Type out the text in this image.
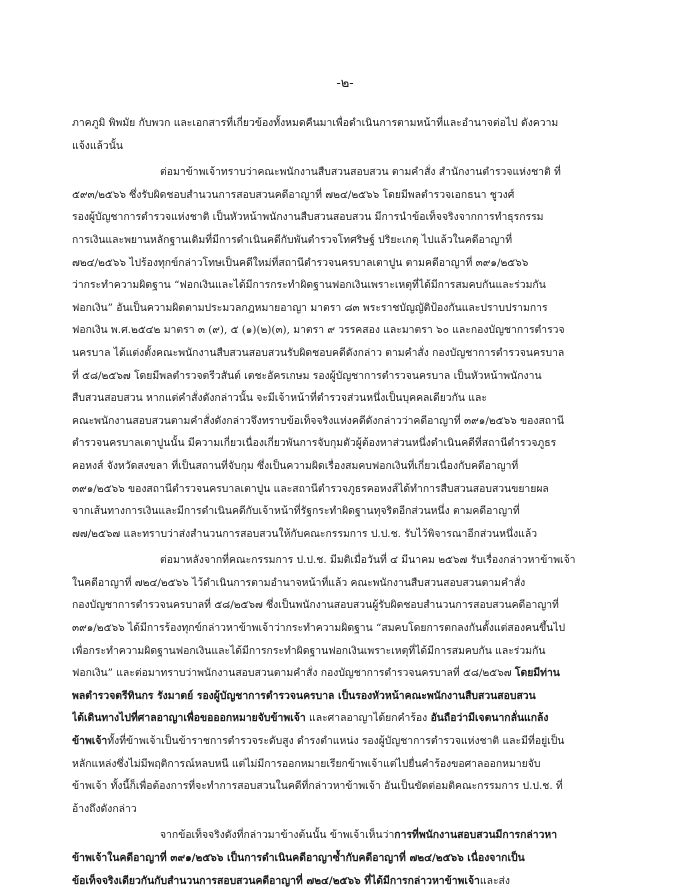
-๒-
ภาคภูมิ พิพมัย กับพวก และเอกสารที่เกี่ยวข้องทั้งหมดคืนมาเพื่อดำเนินการตามหน้าที่และอำนาจต่อไป ดังความ
แจ้งแล้วนั้น
ต่อมาข้าพเจ้าทราบว่าคณะพนักงานสืบสวนสอบสวน ตามคำสั่ง สำนักงานตำรวจแห่งชาติ ที่
๕๙๓/๒๕๖๖ ซึ่งรับผิดชอบสำนวนการสอบสวนคดีอาญาที่ ๗๒๔/๒๕๖๖ โดยมีพลตำรวจเอกธนา ชูวงศ์
รองผู้บัญชาการตำรวจแห่งชาติ เป็นหัวหน้าพนักงานสืบสวนสอบสวน มีการนำข้อเท็จจริงจากการทำธุรกรรม
การเงินและพยานหลักฐานเดิมที่มีการดำเนินคดีกับพันตำรวจโทศริษฐ์ ปริยะเกตุ ไปแล้วในคดีอาญาที่
๗๒๔/๒๕๖๖ ไปร้องทุกข์กล่าวโทษเป็นคดีใหม่ที่สถานีตำรวจนครบาลเตาปูน ตามคดีอาญาที่ ๓๙๑/๒๕๖๖
ว่ากระทำความผิดฐาน “ฟอกเงินและได้มีการกระทำผิดฐานฟอกเงินเพราะเหตุที่ได้มีการสมคบกันและร่วมกัน
ฟอกเงิน” อันเป็นความผิดตามประมวลกฎหมายอาญา มาตรา ๘๓ พระราชบัญญัติป้องกันและปราบปรามการ
ฟอกเงิน พ.ศ.๒๕๔๒ มาตรา ๓ (๙), ๕ (๑)(๒)(๓), มาตรา ๙ วรรคสอง และมาตรา ๖๐ และกองบัญชาการตำรวจ
นครบาล ได้แต่งตั้งคณะพนักงานสืบสวนสอบสวนรับผิดชอบคดีดังกล่าว ตามคำสั่ง กองบัญชาการตำรวจนครบาล
ที่ ๕๘/๒๕๖๗ โดยมีพลตำรวจตรีวสันต์ เตชะอัครเกษม รองผู้บัญชาการตำรวจนครบาล เป็นหัวหน้าพนักงาน
สืบสวนสอบสวน หากแต่คำสั่งดังกล่าวนั้น จะมีเจ้าหน้าที่ตำรวจส่วนหนึ่งเป็นบุคคลเดียวกัน และ
คณะพนักงานสอบสวนตามคำสั่งดังกล่าวจึงทราบข้อเท็จจริงแห่งคดีดังกล่าวว่าคดีอาญาที่ ๓๙๑/๒๕๖๖ ของสถานี
ตำรวจนครบาลเตาปูนนั้น มีความเกี่ยวเนื่องเกี่ยวพันการจับกุมตัวผู้ต้องหาส่วนหนึ่งดำเนินคดีที่สถานีตำรวจภูธร
คอหงส์ จังหวัดสงขลา ที่เป็นสถานที่จับกุม ซึ่งเป็นความผิดเรื่องสมคบฟอกเงินที่เกี่ยวเนื่องกับคดีอาญาที่
๓๙๑/๒๕๖๖ ของสถานีตำรวจนครบาลเตาปูน และสถานีตำรวจภูธรคอหงส์ได้ทำการสืบสวนสอบสวนขยายผล
จากเส้นทางการเงินและมีการดำเนินคดีกับเจ้าหน้าที่รัฐกระทำผิดฐานทุจริตอีกส่วนหนึ่ง ตามคดีอาญาที่
๗๗/๒๕๖๗ และทราบว่าส่งสำนวนการสอบสวนให้กับคณะกรรมการ ป.ป.ช. รับไว้พิจารณาอีกส่วนหนึ่งแล้ว
ต่อมาหลังจากที่คณะกรรมการ ป.ป.ช. มีมติเมื่อวันที่ ๔ มีนาคม ๒๕๖๗ รับเรื่องกล่าวหาข้าพเจ้า
ในคดีอาญาที่ ๗๒๔/๒๕๖๖ ไว้ดำเนินการตามอำนาจหน้าที่แล้ว คณะพนักงานสืบสวนสอบสวนตามคำสั่ง
กองบัญชาการตำรวจนครบาลที่ ๕๘/๒๕๖๗ ซึ่งเป็นพนักงานสอบสวนผู้รับผิดชอบสำนวนการสอบสวนคดีอาญาที่
๓๙๑/๒๕๖๖ ได้มีการร้องทุกข์กล่าวหาข้าพเจ้าว่ากระทำความผิดฐาน “สมคบโดยการตกลงกันตั้งแต่สองคนขึ้นไป
เพื่อกระทำความผิดฐานฟอกเงินและได้มีการกระทำผิดฐานฟอกเงินเพราะเหตุที่ได้มีการสมคบกัน และร่วมกัน
ฟอกเงิน” และต่อมาทราบว่าพนักงานสอบสวนตามคำสั่ง กองบัญชาการตำรวจนครบาลที่ ๕๘/๒๕๖๗ โดยมีท่าน
พลตำรวจตรีทินกร รังมาตย์ รองผู้บัญชาการตำรวจนครบาล เป็นรองหัวหน้าคณะพนักงานสืบสวนสอบสวน
ได้เดินทางไปที่ศาลอาญาเพื่อขอออกหมายจับข้าพเจ้า และศาลอาญาได้ยกคำร้อง อันถือว่ามีเจตนากลั่นแกล้ง
ข้าพเจ้าทั้งที่ข้าพเจ้าเป็นข้าราชการตำรวจระดับสูง ดำรงตำแหน่ง รองผู้บัญชาการตำรวจแห่งชาติ และมีที่อยู่เป็น
หลักแหล่งซึ่งไม่มีพฤติการณ์หลบหนี แต่ไม่มีการออกหมายเรียกข้าพเจ้าแต่ไปยื่นคำร้องขอศาลออกหมายจับ
ข้าพเจ้า ทั้งนี้ก็เพื่อต้องการที่จะทำการสอบสวนในคดีที่กล่าวหาข้าพเจ้า อันเป็นขัดต่อมติคณะกรรมการ ป.ป.ช. ที่
อ้างถึงดังกล่าว
จากข้อเท็จจริงดังที่กล่าวมาข้างต้นนั้น ข้าพเจ้าเห็นว่าการที่พนักงานสอบสวนมีการกล่าวหา
ข้าพเจ้าในคดีอาญาที่ ๓๙๑/๒๕๖๖ เป็นการดำเนินคดีอาญาซ้ำกับคดีอาญาที่ ๗๒๔/๒๕๖๖ เนื่องจากเป็น
ข้อเท็จจริงเดียวกันกับสำนวนการสอบสวนคดีอาญาที่ ๗๒๔/๒๕๖๖ ที่ได้มีการกล่าวหาข้าพเจ้าและส่ง
